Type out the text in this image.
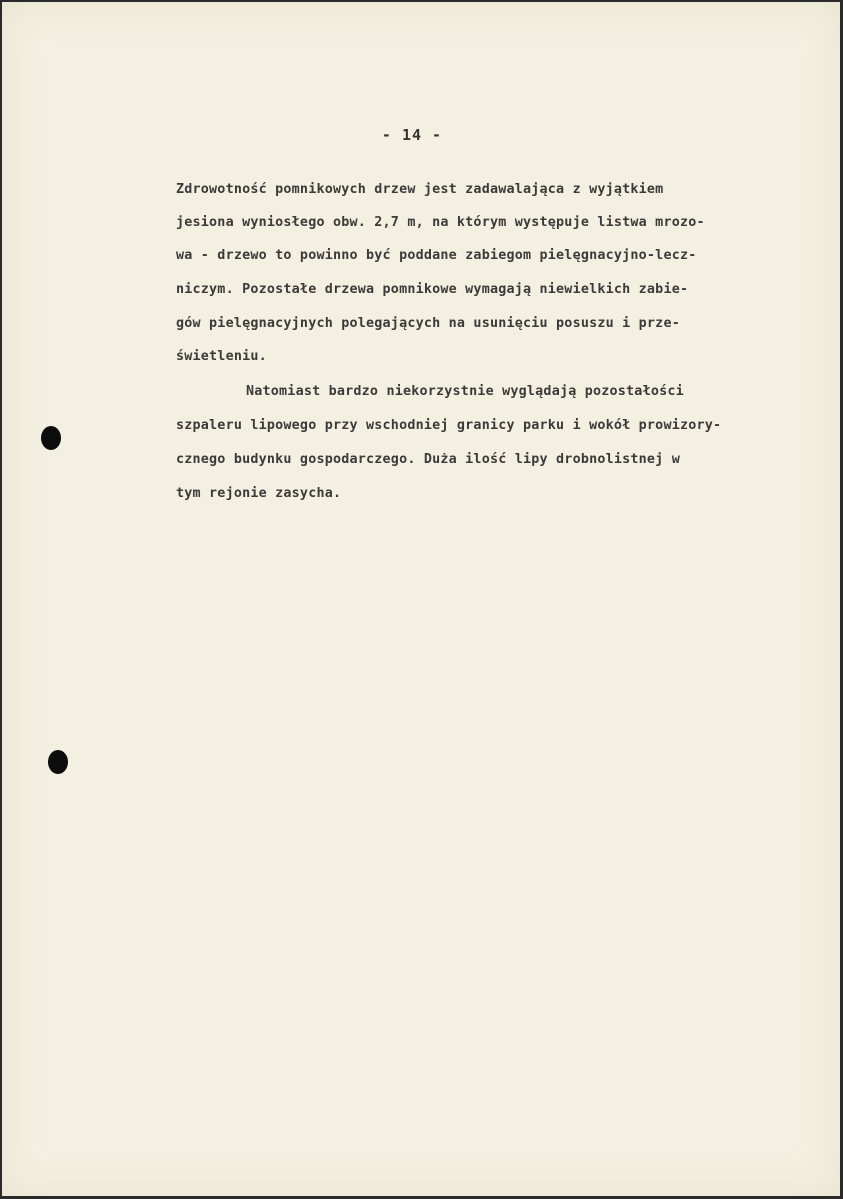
- 14 -
Zdrowotność pomnikowych drzew jest zadawalająca z wyjątkiem
jesiona wyniosłego obw. 2,7 m, na którym występuje listwa mrozo-
wa - drzewo to powinno być poddane zabiegom pielęgnacyjno-lecz-
niczym. Pozostałe drzewa pomnikowe wymagają niewielkich zabie-
gów pielęgnacyjnych polegających na usunięciu posuszu i prze-
świetleniu.
Natomiast bardzo niekorzystnie wyglądają pozostałości
szpaleru lipowego przy wschodniej granicy parku i wokół prowizory-
cznego budynku gospodarczego. Duża ilość lipy drobnolistnej w
tym rejonie zasycha.
